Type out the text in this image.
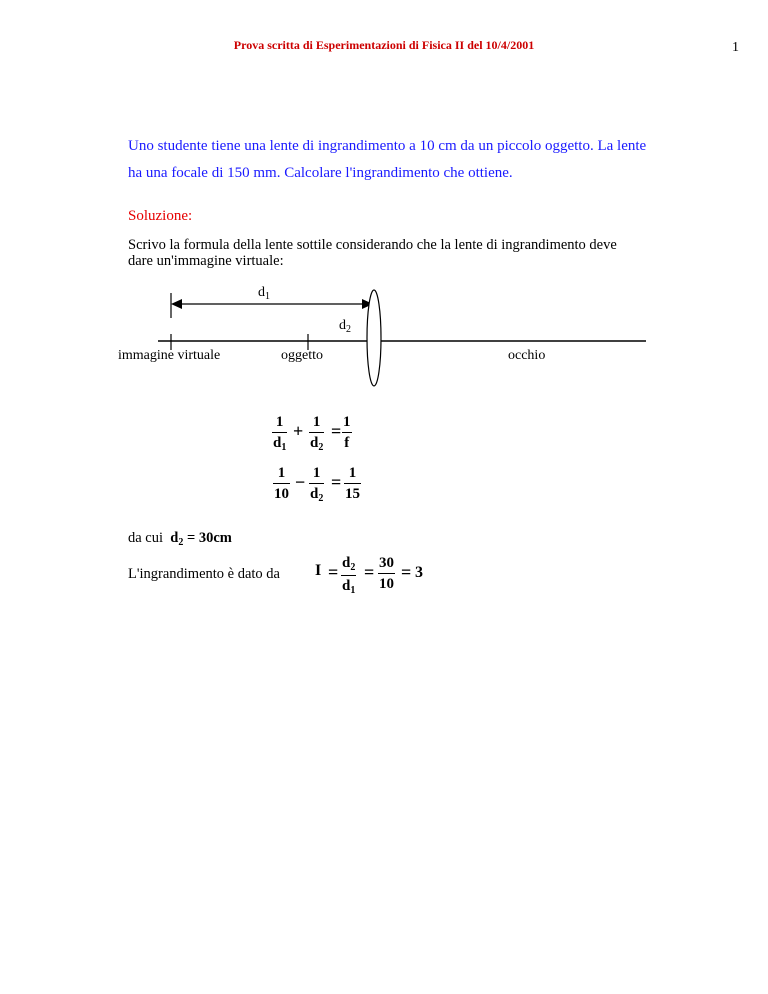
Prova scritta di Esperimentazioni di Fisica II del 10/4/2001	1
Uno studente tiene una lente di ingrandimento a 10 cm da un piccolo oggetto. La lente
ha una focale di 150 mm. Calcolare l'ingrandimento che ottiene.
Soluzione:
Scrivo la formula della lente sottile considerando che la lente di ingrandimento deve
dare un'immagine virtuale:
$d_1$
$d_2$
immagine virtuale	oggetto	occhio
$\frac{1}{d_1} + \frac{1}{d_2} = \frac{1}{f}$
$\frac{1}{10} - \frac{1}{d_2} = \frac{1}{15}$
da cui $d_2 = 30cm$
L'ingrandimento è dato da $I = \frac{d_2}{d_1} = \frac{30}{10} = 3$
